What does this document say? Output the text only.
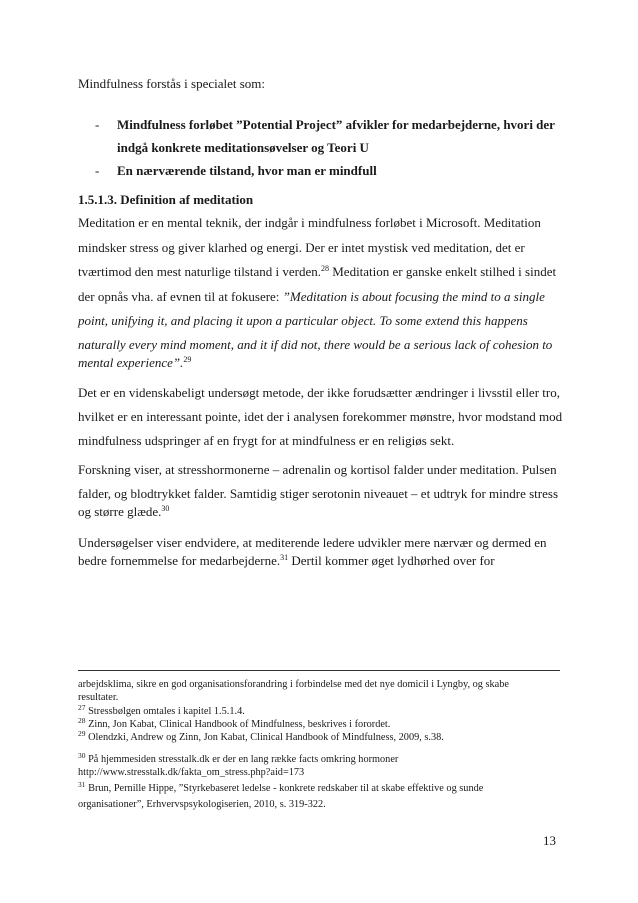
Mindfulness forstås i specialet som:
- Mindfulness forløbet ”Potential Project” afvikler for medarbejderne, hvori der
indgå konkrete meditationsøvelser og Teori U
- En nærværende tilstand, hvor man er mindfull
1.5.1.3. Definition af meditation
Meditation er en mental teknik, der indgår i mindfulness forløbet i Microsoft. Meditation
mindsker stress og giver klarhed og energi. Der er intet mystisk ved meditation, det er
tværtimod den mest naturlige tilstand i verden.$^{28}$ Meditation er ganske enkelt stilhed i sindet
der opnås vha. af evnen til at fokusere: ”Meditation is about focusing the mind to a single
point, unifying it, and placing it upon a particular object. To some extend this happens
naturally every mind moment, and it if did not, there would be a serious lack of cohesion to
mental experience”.$^{29}$
Det er en videnskabeligt undersøgt metode, der ikke forudsætter ændringer i livsstil eller tro,
hvilket er en interessant pointe, idet der i analysen forekommer mønstre, hvor modstand mod
mindfulness udspringer af en frygt for at mindfulness er en religiøs sekt.
Forskning viser, at stresshormonerne – adrenalin og kortisol falder under meditation. Pulsen
falder, og blodtrykket falder. Samtidig stiger serotonin niveauet – et udtryk for mindre stress
og større glæde.$^{30}$
Undersøgelser viser endvidere, at mediterende ledere udvikler mere nærvær og dermed en
bedre fornemmelse for medarbejderne.$^{31}$ Dertil kommer øget lydhørhed over for
arbejdsklima, sikre en god organisationsforandring i forbindelse med det nye domicil i Lyngby, og skabe
resultater.
$^{27}$ Stressbølgen omtales i kapitel 1.5.1.4.
$^{28}$ Zinn, Jon Kabat, Clinical Handbook of Mindfulness, beskrives i forordet.
$^{29}$ Olendzki, Andrew og Zinn, Jon Kabat, Clinical Handbook of Mindfulness, 2009, s.38.
$^{30}$ På hjemmesiden stresstalk.dk er der en lang række facts omkring hormoner
http://www.stresstalk.dk/fakta_om_stress.php?aid=173
$^{31}$ Brun, Pernille Hippe, ”Styrkebaseret ledelse - konkrete redskaber til at skabe effektive og sunde
organisationer”, Erhvervspsykologiserien, 2010, s. 319-322.
13
